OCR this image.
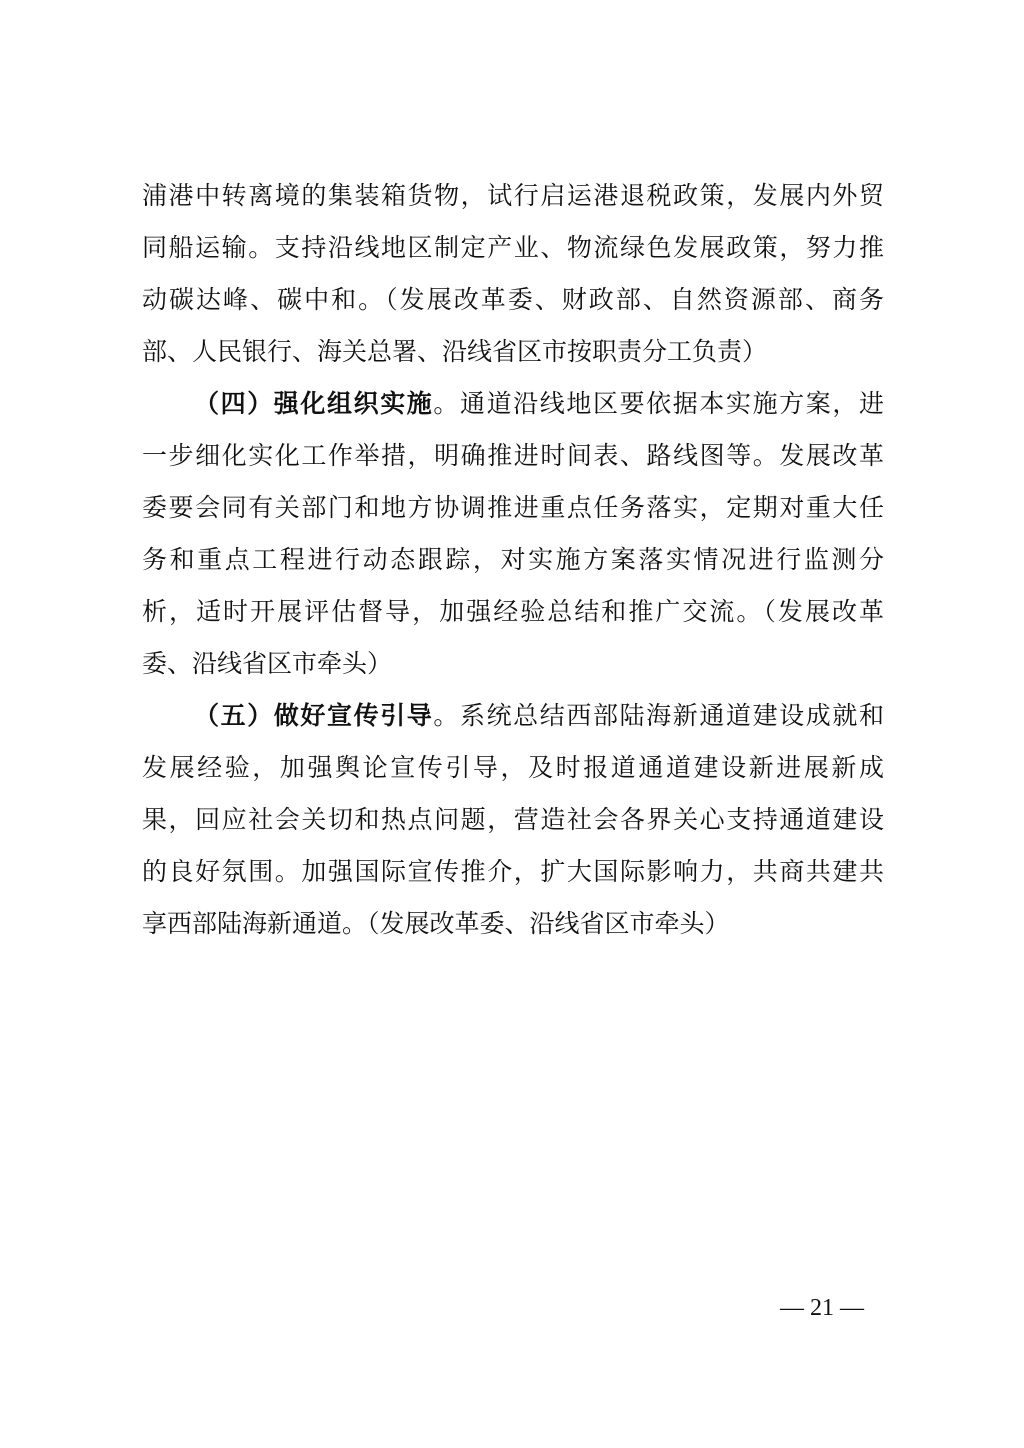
浦港中转离境的集装箱货物，试行启运港退税政策，发展内外贸
同船运输。支持沿线地区制定产业、物流绿色发展政策，努力推
动碳达峰、碳中和。（发展改革委、财政部、自然资源部、商务
部、人民银行、海关总署、沿线省区市按职责分工负责）
（四）强化组织实施。通道沿线地区要依据本实施方案，进
一步细化实化工作举措，明确推进时间表、路线图等。发展改革
委要会同有关部门和地方协调推进重点任务落实，定期对重大任
务和重点工程进行动态跟踪，对实施方案落实情况进行监测分
析，适时开展评估督导，加强经验总结和推广交流。（发展改革
委、沿线省区市牵头）
（五）做好宣传引导。系统总结西部陆海新通道建设成就和
发展经验，加强舆论宣传引导，及时报道通道建设新进展新成
果，回应社会关切和热点问题，营造社会各界关心支持通道建设
的良好氛围。加强国际宣传推介，扩大国际影响力，共商共建共
享西部陆海新通道。（发展改革委、沿线省区市牵头）
— 21 —
